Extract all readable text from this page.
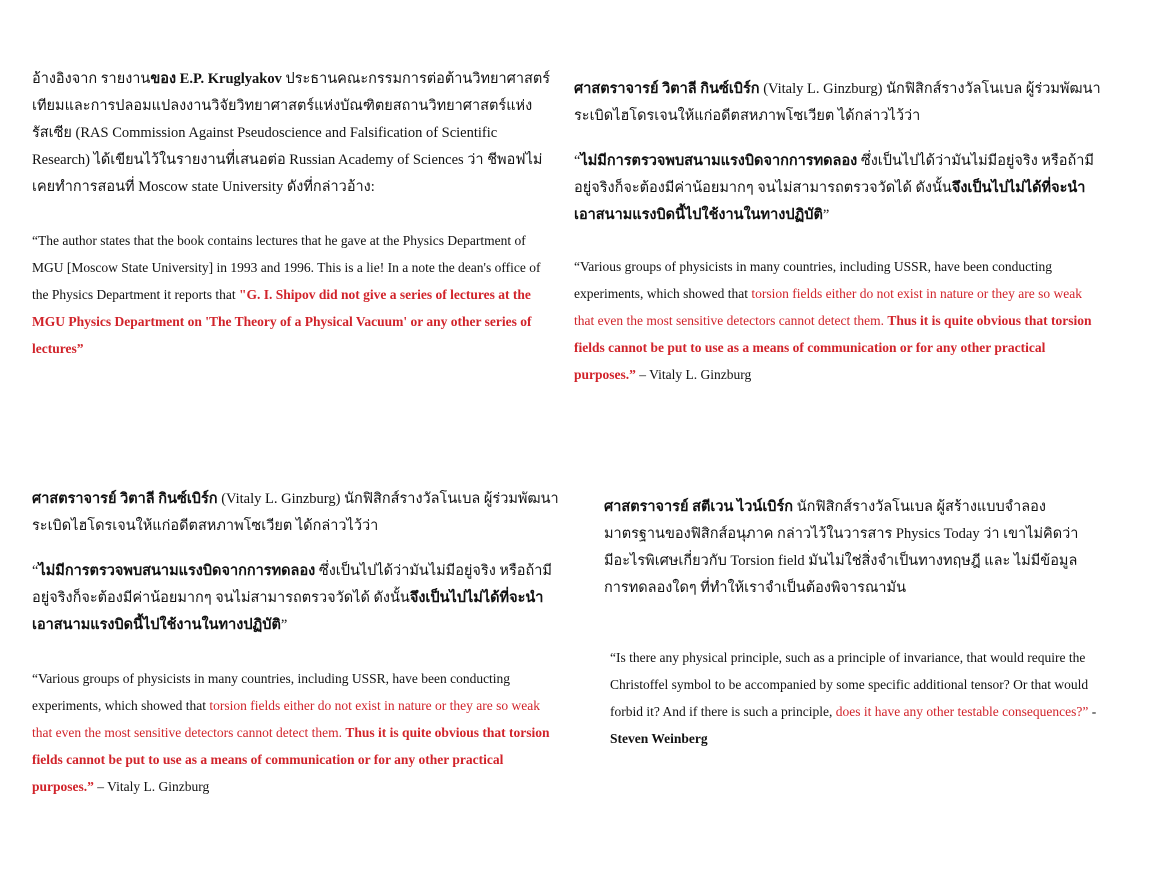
อ้างอิงจาก รายงานของ E.P. Kruglyakov ประธานคณะกรรมการต่อต้านวิทยาศาสตร์เทียมและการปลอมแปลงงานวิจัยวิทยาศาสตร์แห่งบัณฑิตยสถานวิทยาศาสตร์แห่งรัสเซีย (RAS Commission Against Pseudoscience and Falsification of Scientific Research) ได้เขียนไว้ในรายงานที่เสนอต่อ Russian Academy of Sciences ว่า ชีพอฟไม่เคยทำการสอนที่ Moscow state University ดังที่กล่าวอ้าง:

“The author states that the book contains lectures that he gave at the Physics Department of MGU [Moscow State University] in 1993 and 1996. This is a lie! In a note the dean's office of the Physics Department it reports that "G. I. Shipov did not give a series of lectures at the MGU Physics Department on 'The Theory of a Physical Vacuum' or any other series of lectures”

ศาสตราจารย์ วิตาลี กินซ์เบิร์ก (Vitaly L. Ginzburg) นักฟิสิกส์รางวัลโนเบล ผู้ร่วมพัฒนาระเบิดไฮโดรเจนให้แก่อดีตสหภาพโซเวียต ได้กล่าวไว้ว่า

“ไม่มีการตรวจพบสนามแรงบิดจากการทดลอง ซึ่งเป็นไปได้ว่ามันไม่มีอยู่จริง หรือถ้ามีอยู่จริงก็จะต้องมีค่าน้อยมากๆ จนไม่สามารถตรวจวัดได้ ดังนั้นจึงเป็นไปไม่ได้ที่จะนำเอาสนามแรงบิดนี้ไปใช้งานในทางปฏิบัติ”

“Various groups of physicists in many countries, including USSR, have been conducting experiments, which showed that torsion fields either do not exist in nature or they are so weak that even the most sensitive detectors cannot detect them. Thus it is quite obvious that torsion fields cannot be put to use as a means of communication or for any other practical purposes.” – Vitaly L. Ginzburg

ศาสตราจารย์ วิตาลี กินซ์เบิร์ก (Vitaly L. Ginzburg) นักฟิสิกส์รางวัลโนเบล ผู้ร่วมพัฒนาระเบิดไฮโดรเจนให้แก่อดีตสหภาพโซเวียต ได้กล่าวไว้ว่า

“ไม่มีการตรวจพบสนามแรงบิดจากการทดลอง ซึ่งเป็นไปได้ว่ามันไม่มีอยู่จริง หรือถ้ามีอยู่จริงก็จะต้องมีค่าน้อยมากๆ จนไม่สามารถตรวจวัดได้ ดังนั้นจึงเป็นไปไม่ได้ที่จะนำเอาสนามแรงบิดนี้ไปใช้งานในทางปฏิบัติ”

“Various groups of physicists in many countries, including USSR, have been conducting experiments, which showed that torsion fields either do not exist in nature or they are so weak that even the most sensitive detectors cannot detect them. Thus it is quite obvious that torsion fields cannot be put to use as a means of communication or for any other practical purposes.” – Vitaly L. Ginzburg

ศาสตราจารย์ สตีเวน ไวน์เบิร์ก นักฟิสิกส์รางวัลโนเบล ผู้สร้างแบบจำลองมาตรฐานของฟิสิกส์อนุภาค กล่าวไว้ในวารสาร Physics Today ว่า เขาไม่คิดว่ามีอะไรพิเศษเกี่ยวกับ Torsion field มันไม่ใช่สิ่งจำเป็นทางทฤษฎี และ ไม่มีข้อมูลการทดลองใดๆ ที่ทำให้เราจำเป็นต้องพิจารณามัน

“Is there any physical principle, such as a principle of invariance, that would require the Christoffel symbol to be accompanied by some specific additional tensor? Or that would forbid it? And if there is such a principle, does it have any other testable consequences?” - Steven Weinberg
